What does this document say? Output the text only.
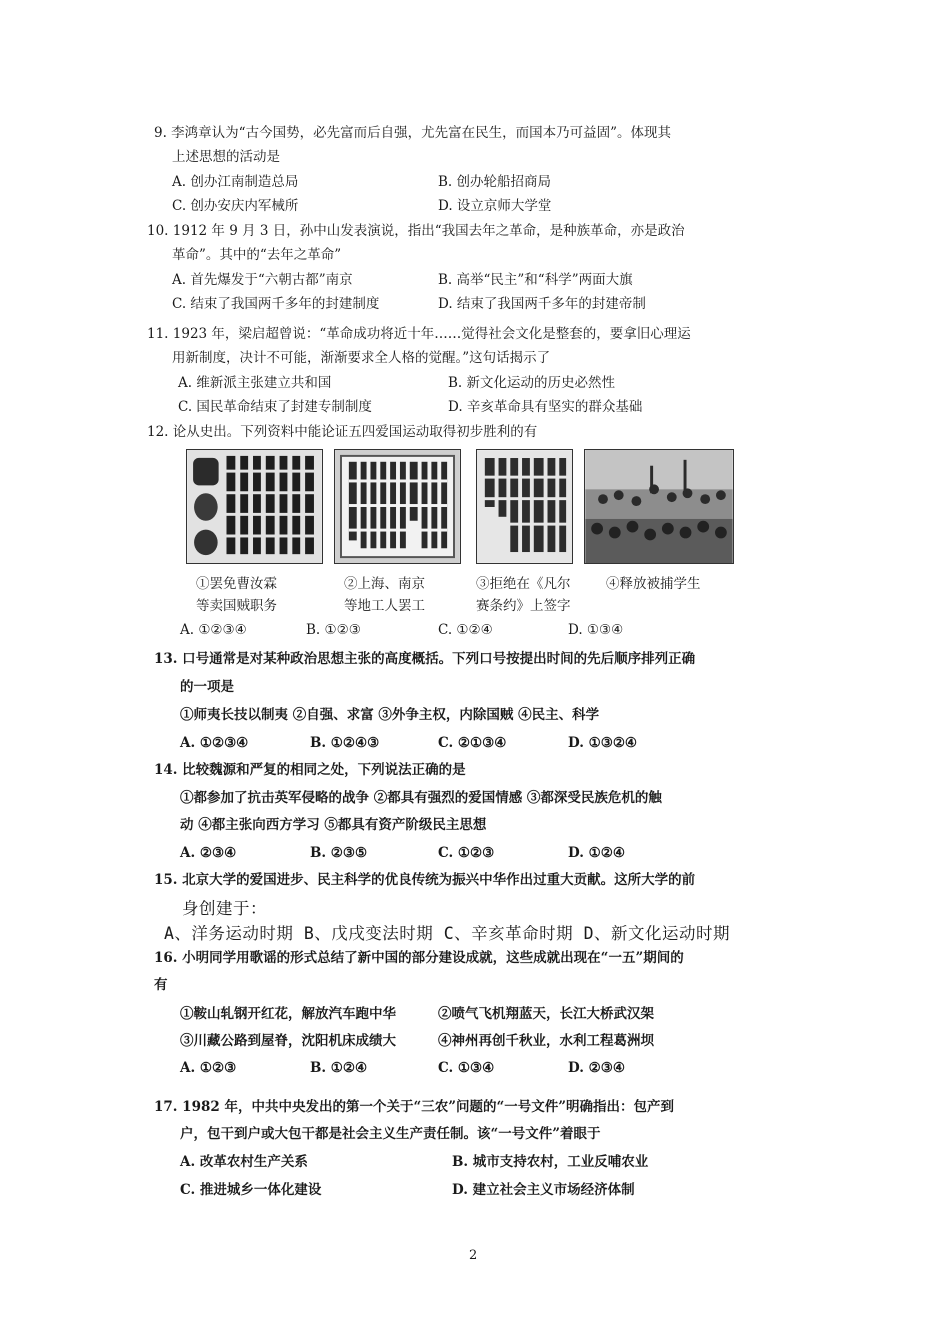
9. 李鸿章认为“古今国势，必先富而后自强，尤先富在民生，而国本乃可益固”。体现其
上述思想的活动是
A. 创办江南制造总局	B. 创办轮船招商局
C. 创办安庆内军械所	D. 设立京师大学堂
10. 1912 年 9 月 3 日，孙中山发表演说，指出“我国去年之革命，是种族革命，亦是政治
革命”。其中的“去年之革命”
A. 首先爆发于“六朝古都”南京	B. 高举“民主”和“科学”两面大旗
C. 结束了我国两千多年的封建制度	D. 结束了我国两千多年的封建帝制
11. 1923 年，梁启超曾说：“革命成功将近十年……觉得社会文化是整套的，要拿旧心理运
用新制度，决计不可能，渐渐要求全人格的觉醒。”这句话揭示了
A. 维新派主张建立共和国	B. 新文化运动的历史必然性
C. 国民革命结束了封建专制制度	D. 辛亥革命具有坚实的群众基础
12. 论从史出。下列资料中能论证五四爱国运动取得初步胜利的有
①罢免曹汝霖
等卖国贼职务
②上海、南京
等地工人罢工
③拒绝在《凡尔
赛条约》上签字
④释放被捕学生
A. ①②③④	B. ①②③	C. ①②④	D. ①③④
13. 口号通常是对某种政治思想主张的高度概括。下列口号按提出时间的先后顺序排列正确
的一项是
①师夷长技以制夷 ②自强、求富 ③外争主权，内除国贼 ④民主、科学
A. ①②③④	B. ①②④③	C. ②①③④	D. ①③②④
14. 比较魏源和严复的相同之处，下列说法正确的是
①都参加了抗击英军侵略的战争 ②都具有强烈的爱国情感 ③都深受民族危机的触
动 ④都主张向西方学习 ⑤都具有资产阶级民主思想
A. ②③④	B. ②③⑤	C. ①②③	D. ①②④
15. 北京大学的爱国进步、民主科学的优良传统为振兴中华作出过重大贡献。这所大学的前
身创建于：
A、洋务运动时期 B、戊戌变法时期 C、辛亥革命时期 D、新文化运动时期
16. 小明同学用歌谣的形式总结了新中国的部分建设成就，这些成就出现在“一五”期间的
有
①鞍山轧钢开红花，解放汽车跑中华	②喷气飞机翔蓝天，长江大桥武汉架
③川藏公路到屋脊，沈阳机床成绩大	④神州再创千秋业，水利工程葛洲坝
A. ①②③	B. ①②④	C. ①③④	D. ②③④
17. 1982 年，中共中央发出的第一个关于“三农”问题的“一号文件”明确指出：包产到
户，包干到户或大包干都是社会主义生产责任制。该“一号文件”着眼于
A. 改革农村生产关系	B. 城市支持农村，工业反哺农业
C. 推进城乡一体化建设	D. 建立社会主义市场经济体制
2
